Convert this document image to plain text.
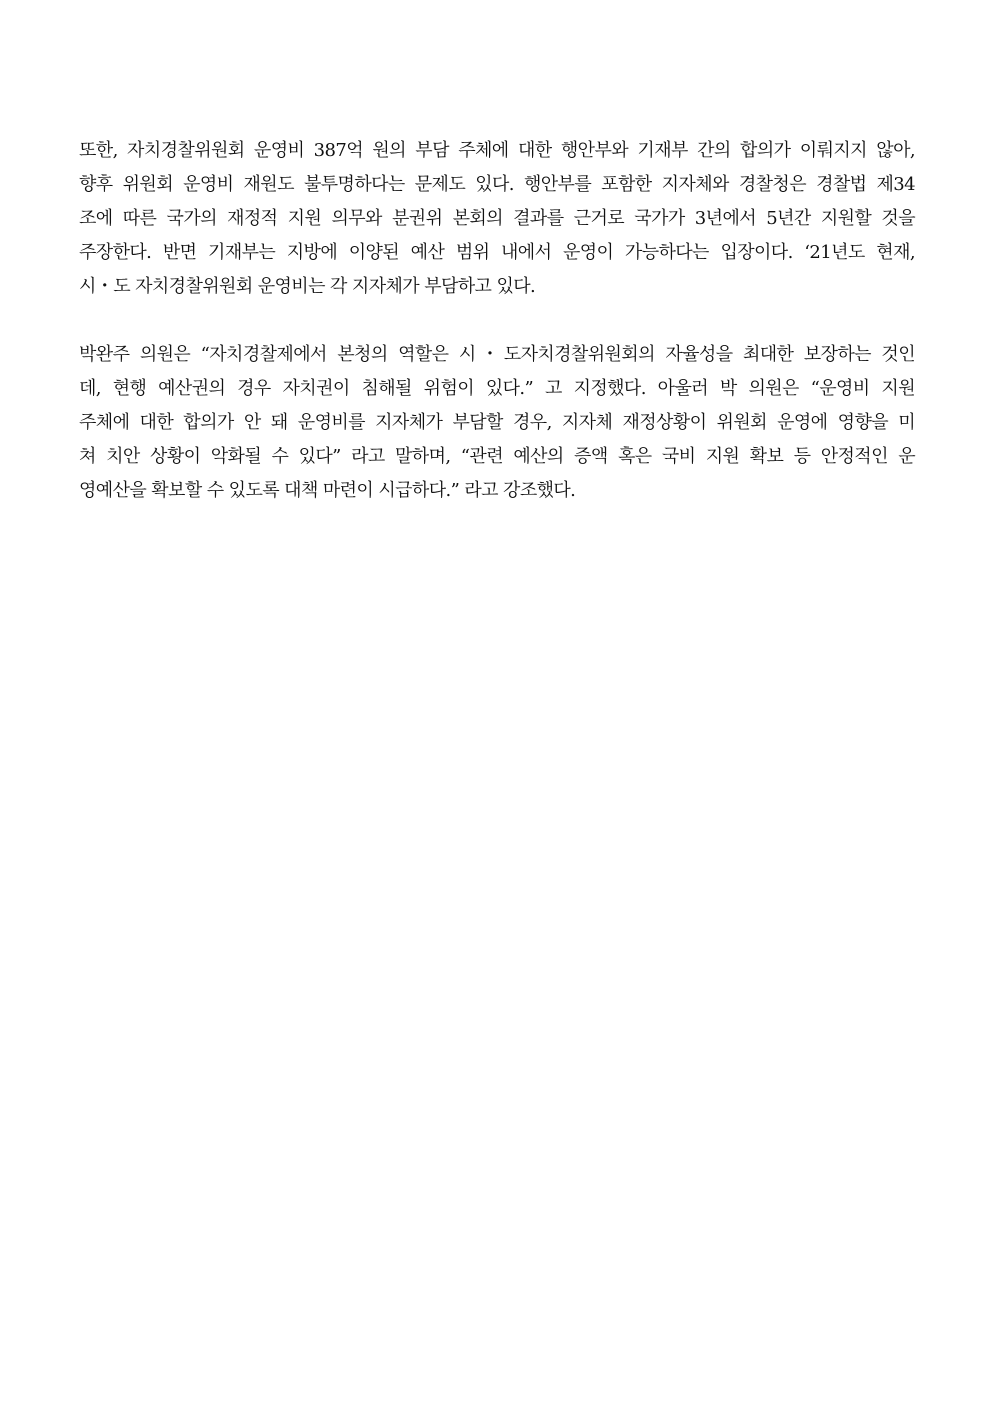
또한, 자치경찰위원회 운영비 387억 원의 부담 주체에 대한 행안부와 기재부 간의 합의가 이뤄지지 않아,
향후 위원회 운영비 재원도 불투명하다는 문제도 있다. 행안부를 포함한 지자체와 경찰청은 경찰법 제34
조에 따른 국가의 재정적 지원 의무와 분권위 본회의 결과를 근거로 국가가 3년에서 5년간 지원할 것을
주장한다. 반면 기재부는 지방에 이양된 예산 범위 내에서 운영이 가능하다는 입장이다. ‘21년도 현재,
시・도 자치경찰위원회 운영비는 각 지자체가 부담하고 있다.

박완주 의원은 “자치경찰제에서 본청의 역할은 시・도자치경찰위원회의 자율성을 최대한 보장하는 것인
데, 현행 예산권의 경우 자치권이 침해될 위험이 있다.” 고 지정했다. 아울러 박 의원은 “운영비 지원
주체에 대한 합의가 안 돼 운영비를 지자체가 부담할 경우, 지자체 재정상황이 위원회 운영에 영향을 미
쳐 치안 상황이 악화될 수 있다” 라고 말하며, “관련 예산의 증액 혹은 국비 지원 확보 등 안정적인 운
영예산을 확보할 수 있도록 대책 마련이 시급하다.” 라고 강조했다.
